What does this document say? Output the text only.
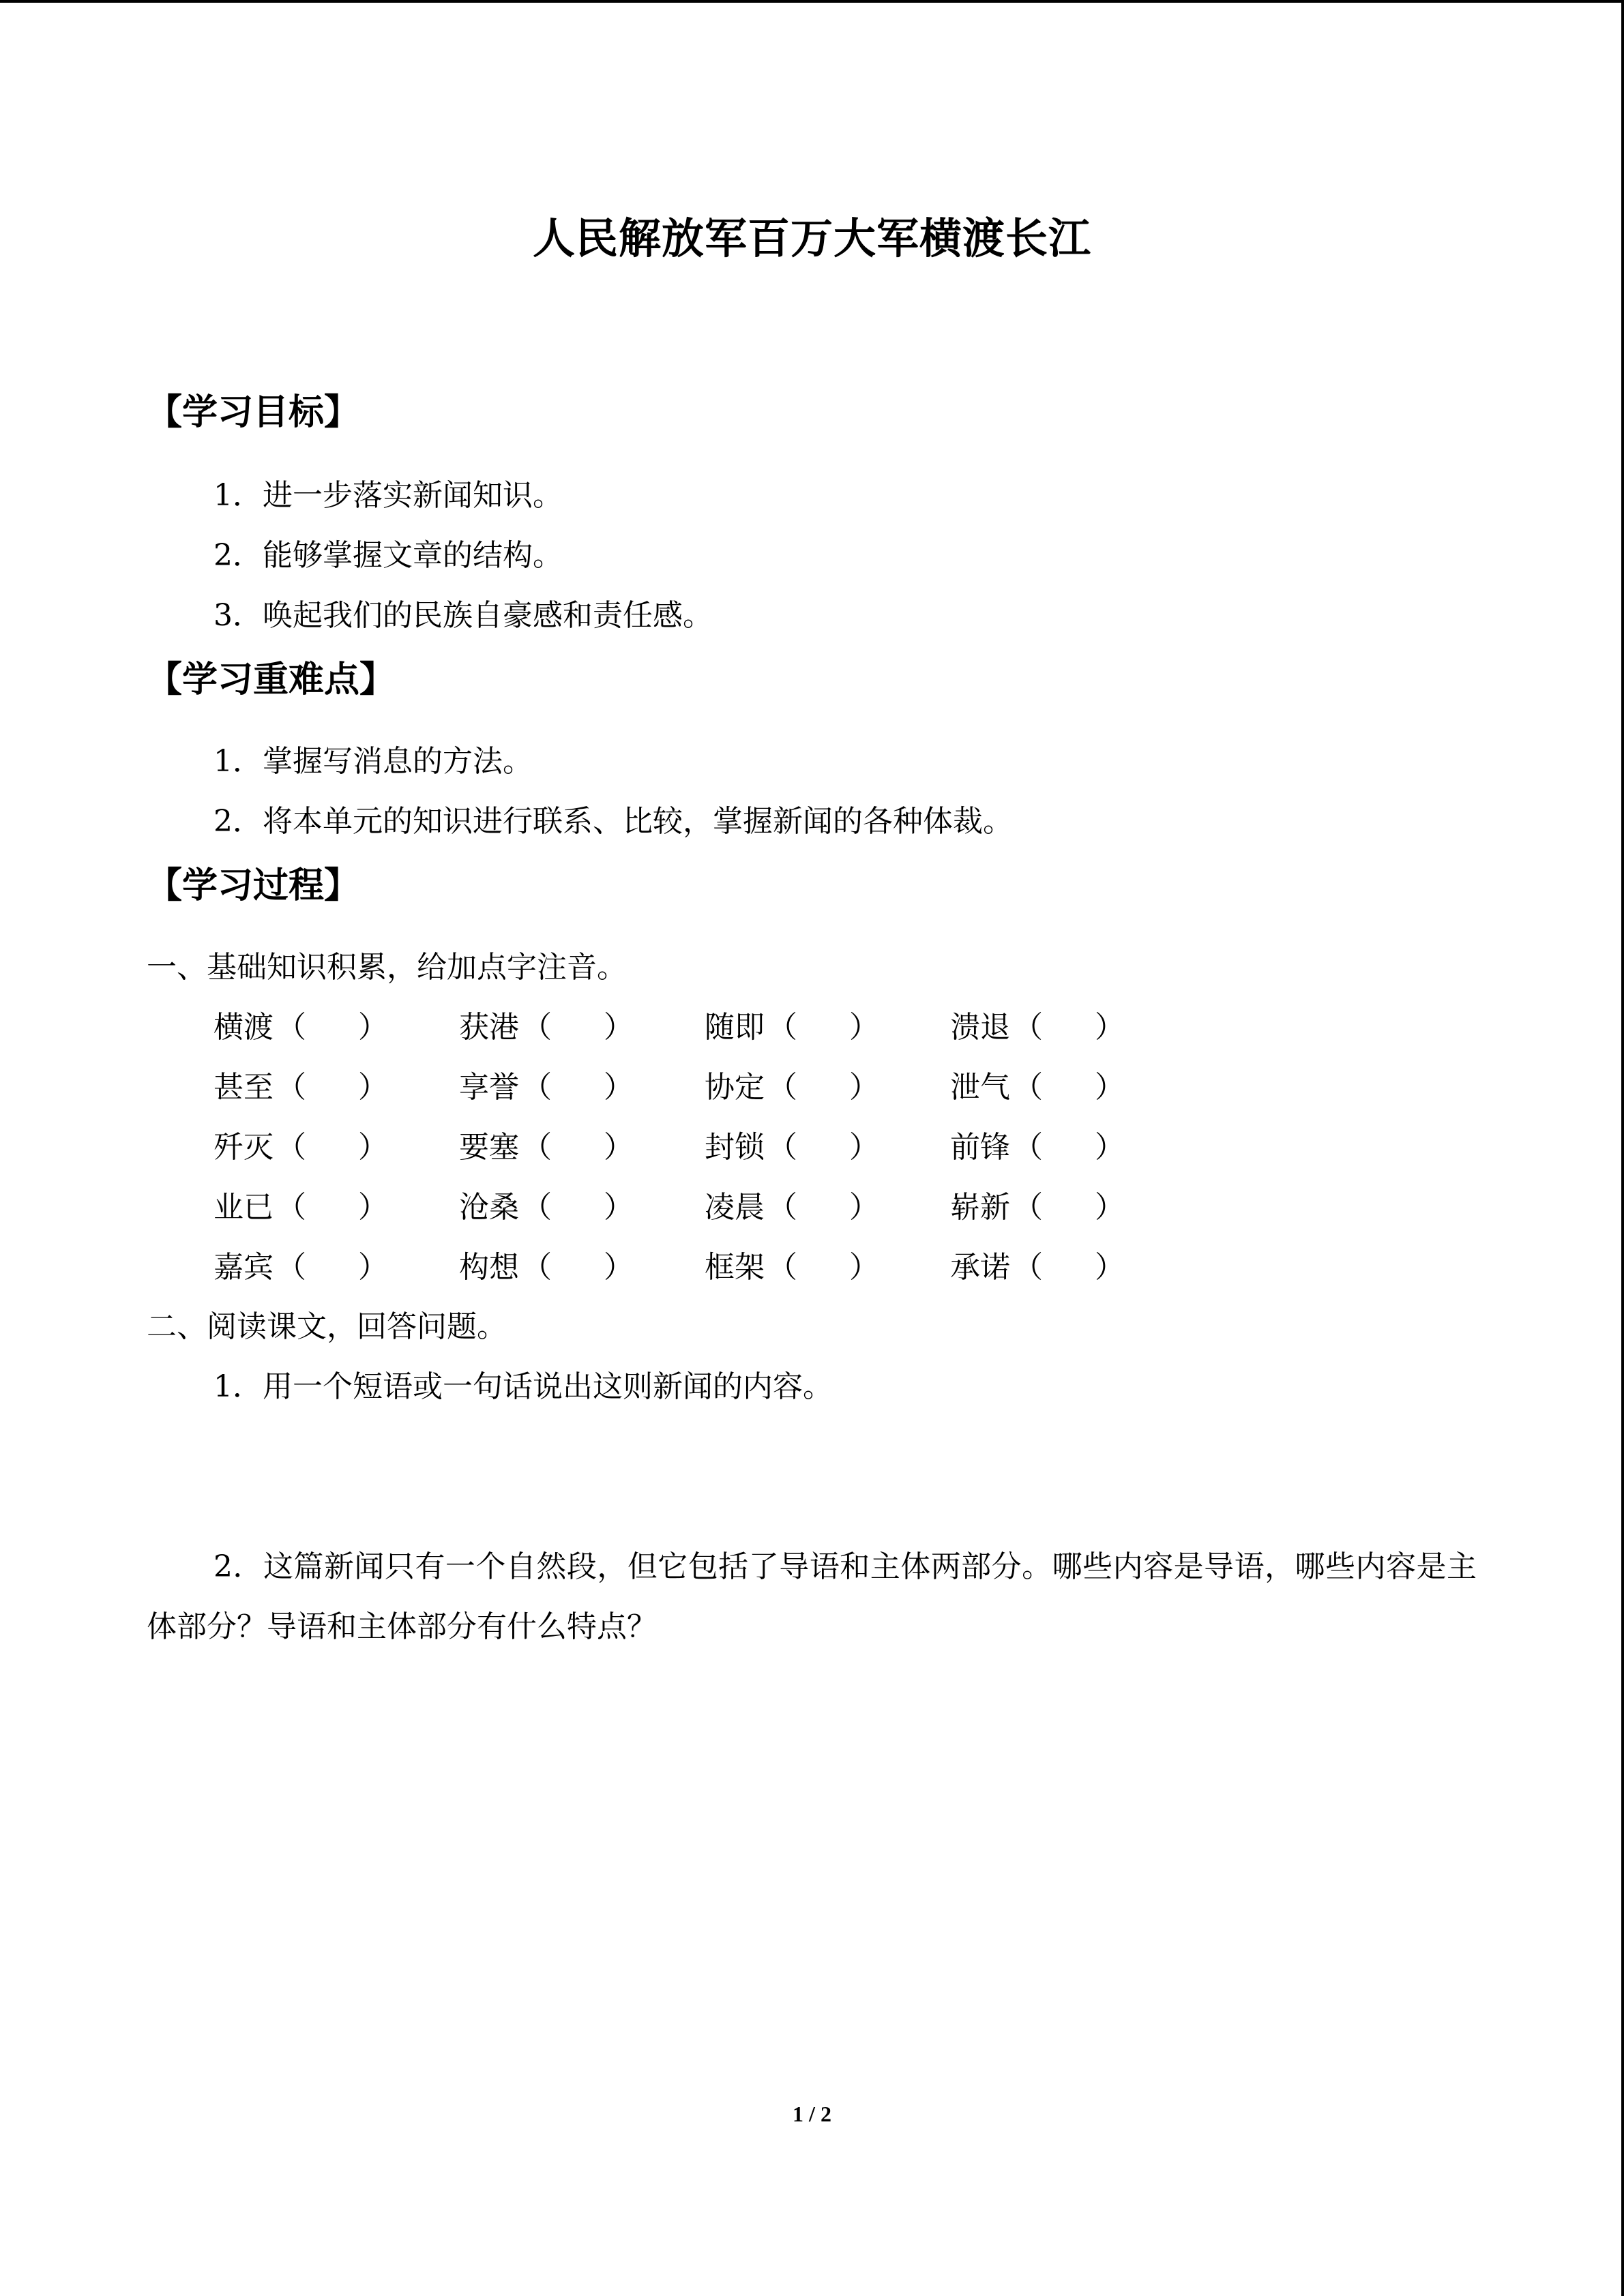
人民解放军百万大军横渡长江
【学习目标】
1．进一步落实新闻知识。
2．能够掌握文章的结构。
3．唤起我们的民族自豪感和责任感。
【学习重难点】
1．掌握写消息的方法。
2．将本单元的知识进行联系、比较，掌握新闻的各种体裁。
【学习过程】
一、基础知识积累，给加点字注音。
横渡（ ） 获港（ ） 随即（ ） 溃退（ ）
甚至（ ） 享誉（ ） 协定（ ） 泄气（ ）
歼灭（ ） 要塞（ ） 封锁（ ） 前锋（ ）
业已（ ） 沧桑（ ） 凌晨（ ） 崭新（ ）
嘉宾（ ） 构想（ ） 框架（ ） 承诺（ ）
二、阅读课文，回答问题。
1．用一个短语或一句话说出这则新闻的内容。
2．这篇新闻只有一个自然段，但它包括了导语和主体两部分。哪些内容是导语，哪些内容是主体部分？导语和主体部分有什么特点？
1 / 2
